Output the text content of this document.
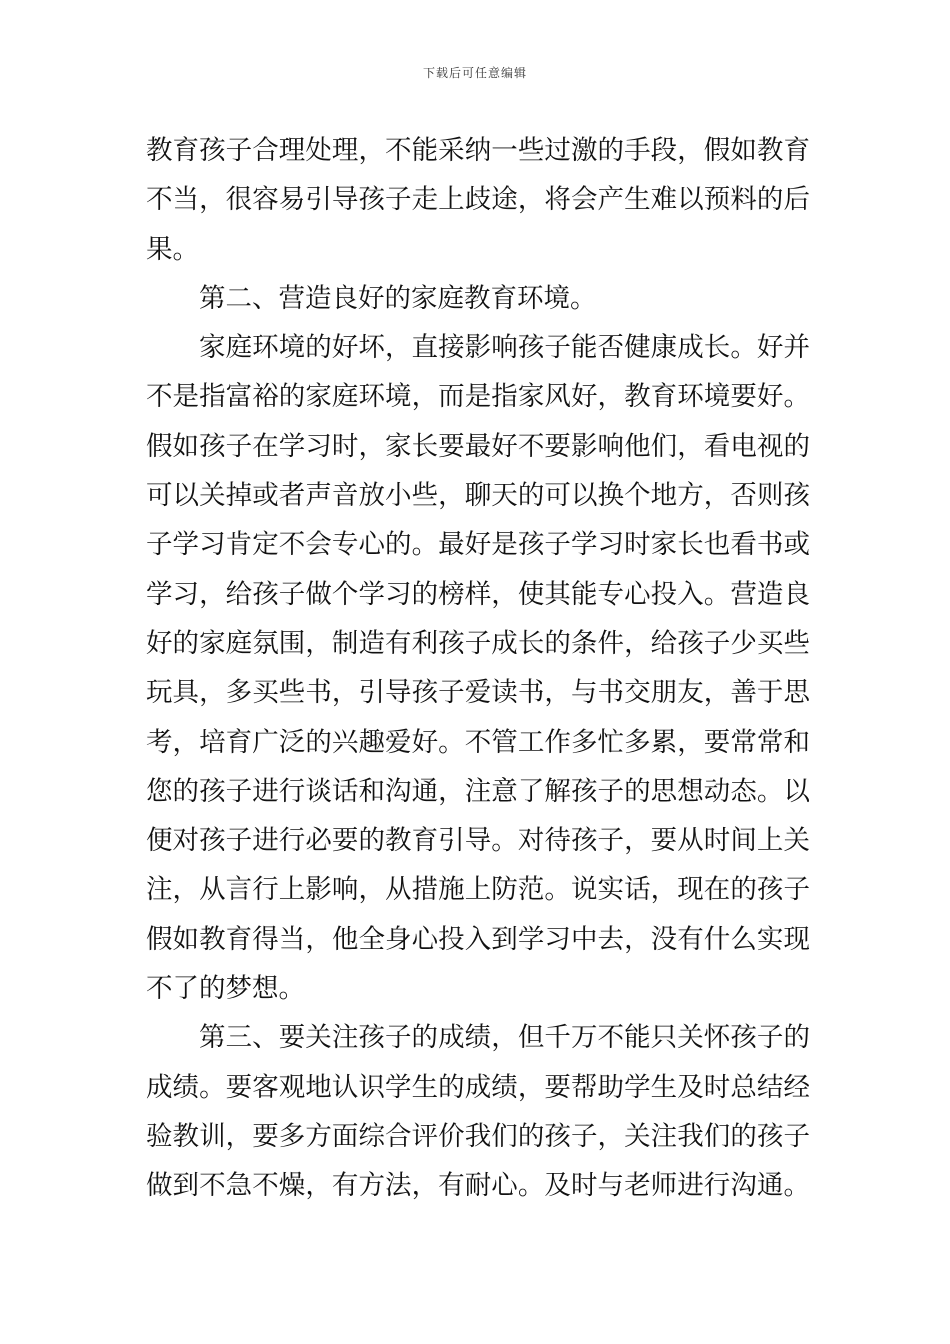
下载后可任意编辑
教育孩子合理处理，不能采纳一些过激的手段，假如教育
不当，很容易引导孩子走上歧途，将会产生难以预料的后
果。
第二、营造良好的家庭教育环境。
家庭环境的好坏，直接影响孩子能否健康成长。好并
不是指富裕的家庭环境，而是指家风好，教育环境要好。
假如孩子在学习时，家长要最好不要影响他们，看电视的
可以关掉或者声音放小些，聊天的可以换个地方，否则孩
子学习肯定不会专心的。最好是孩子学习时家长也看书或
学习，给孩子做个学习的榜样，使其能专心投入。营造良
好的家庭氛围，制造有利孩子成长的条件，给孩子少买些
玩具，多买些书，引导孩子爱读书，与书交朋友，善于思
考，培育广泛的兴趣爱好。不管工作多忙多累，要常常和
您的孩子进行谈话和沟通，注意了解孩子的思想动态。以
便对孩子进行必要的教育引导。对待孩子，要从时间上关
注，从言行上影响，从措施上防范。说实话，现在的孩子
假如教育得当，他全身心投入到学习中去，没有什么实现
不了的梦想。
第三、要关注孩子的成绩，但千万不能只关怀孩子的
成绩。要客观地认识学生的成绩，要帮助学生及时总结经
验教训，要多方面综合评价我们的孩子，关注我们的孩子
做到不急不燥，有方法，有耐心。及时与老师进行沟通。
